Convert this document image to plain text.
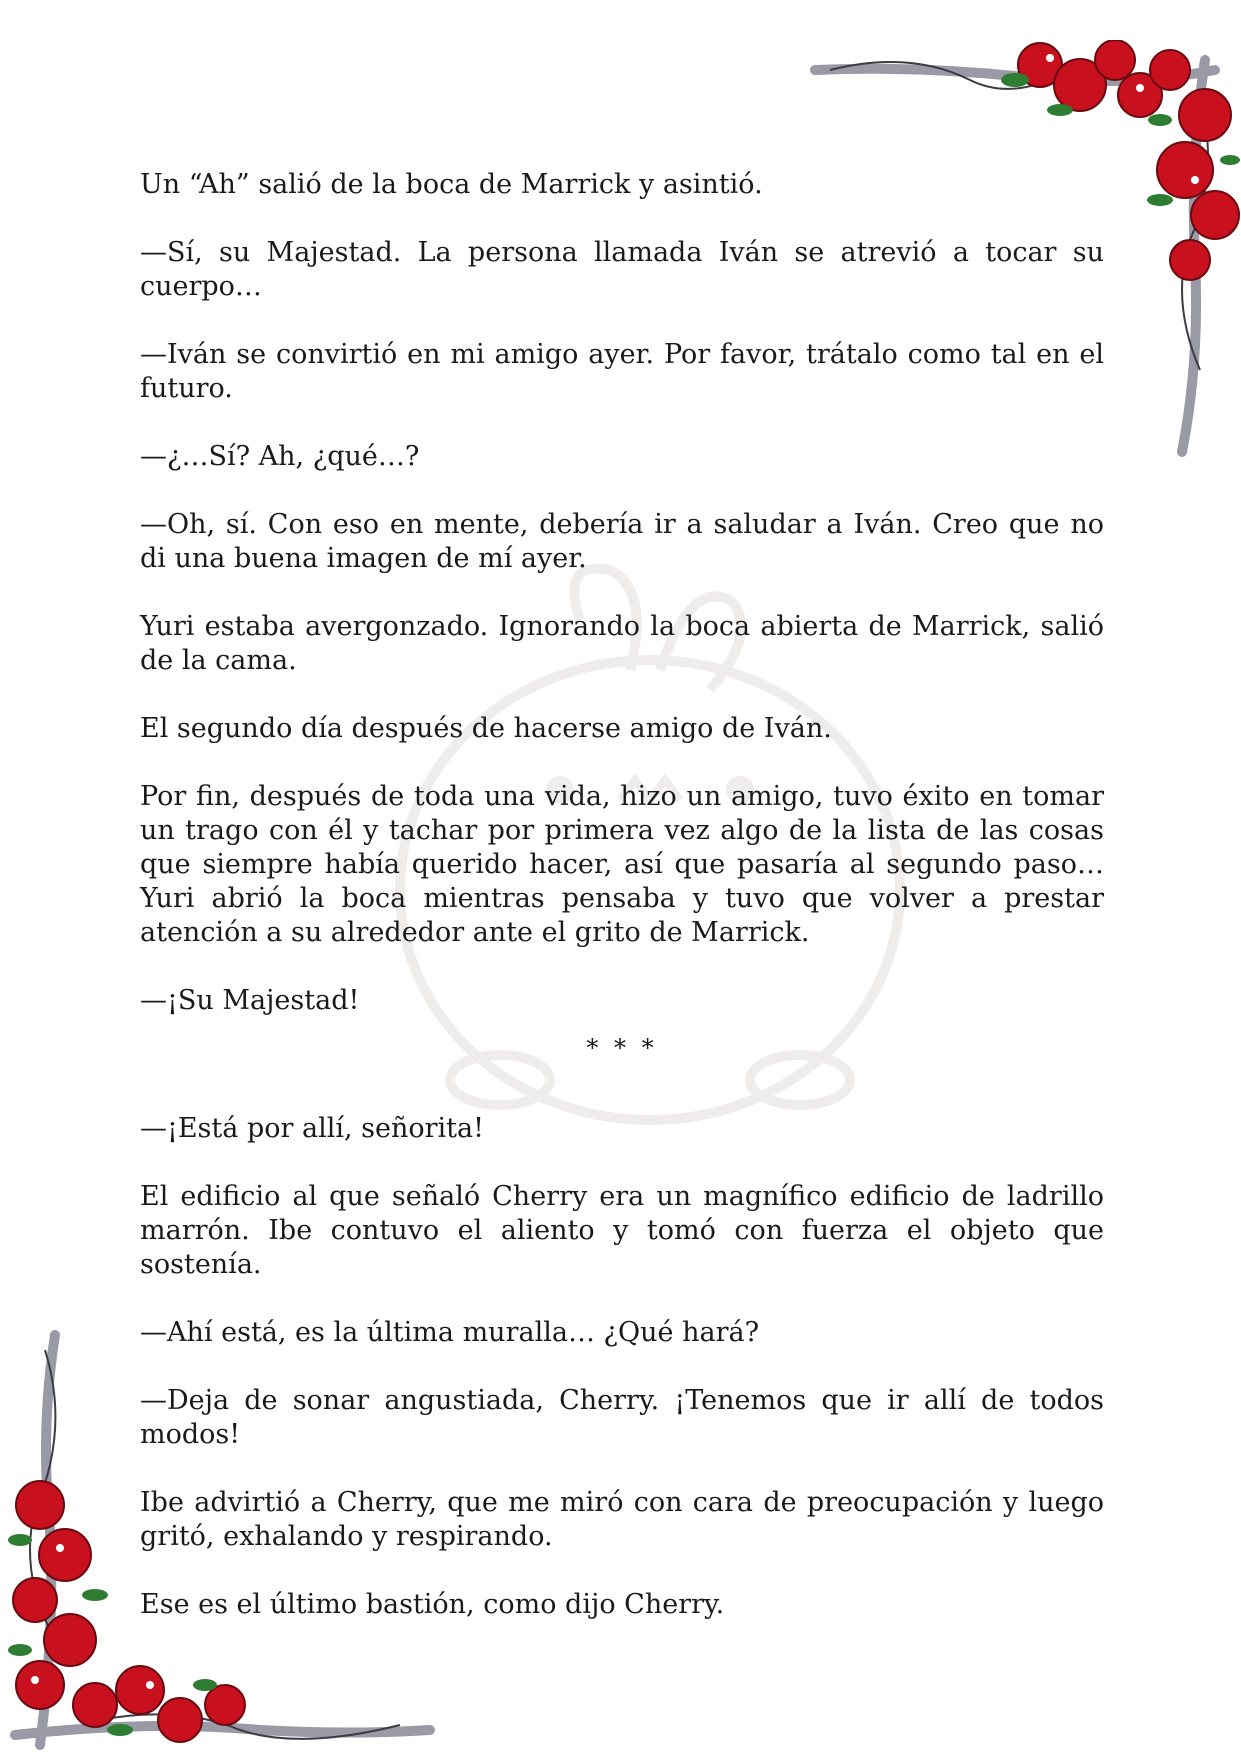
Un “Ah” salió de la boca de Marrick y asintió.

—Sí, su Majestad. La persona llamada Iván se atrevió a tocar su cuerpo…

—Iván se convirtió en mi amigo ayer. Por favor, trátalo como tal en el futuro.

—¿…Sí? Ah, ¿qué…?

—Oh, sí. Con eso en mente, debería ir a saludar a Iván. Creo que no di una buena imagen de mí ayer.

Yuri estaba avergonzado. Ignorando la boca abierta de Marrick, salió de la cama.

El segundo día después de hacerse amigo de Iván.

Por fin, después de toda una vida, hizo un amigo, tuvo éxito en tomar un trago con él y tachar por primera vez algo de la lista de las cosas que siempre había querido hacer, así que pasaría al segundo paso…Yuri abrió la boca mientras pensaba y tuvo que volver a prestar atención a su alrededor ante el grito de Marrick.

—¡Su Majestad!

* * *

—¡Está por allí, señorita!

El edificio al que señaló Cherry era un magnífico edificio de ladrillo marrón. Ibe contuvo el aliento y tomó con fuerza el objeto que sostenía.

—Ahí está, es la última muralla… ¿Qué hará?

—Deja de sonar angustiada, Cherry. ¡Tenemos que ir allí de todos modos!

Ibe advirtió a Cherry, que me miró con cara de preocupación y luego gritó, exhalando y respirando.

Ese es el último bastión, como dijo Cherry.
